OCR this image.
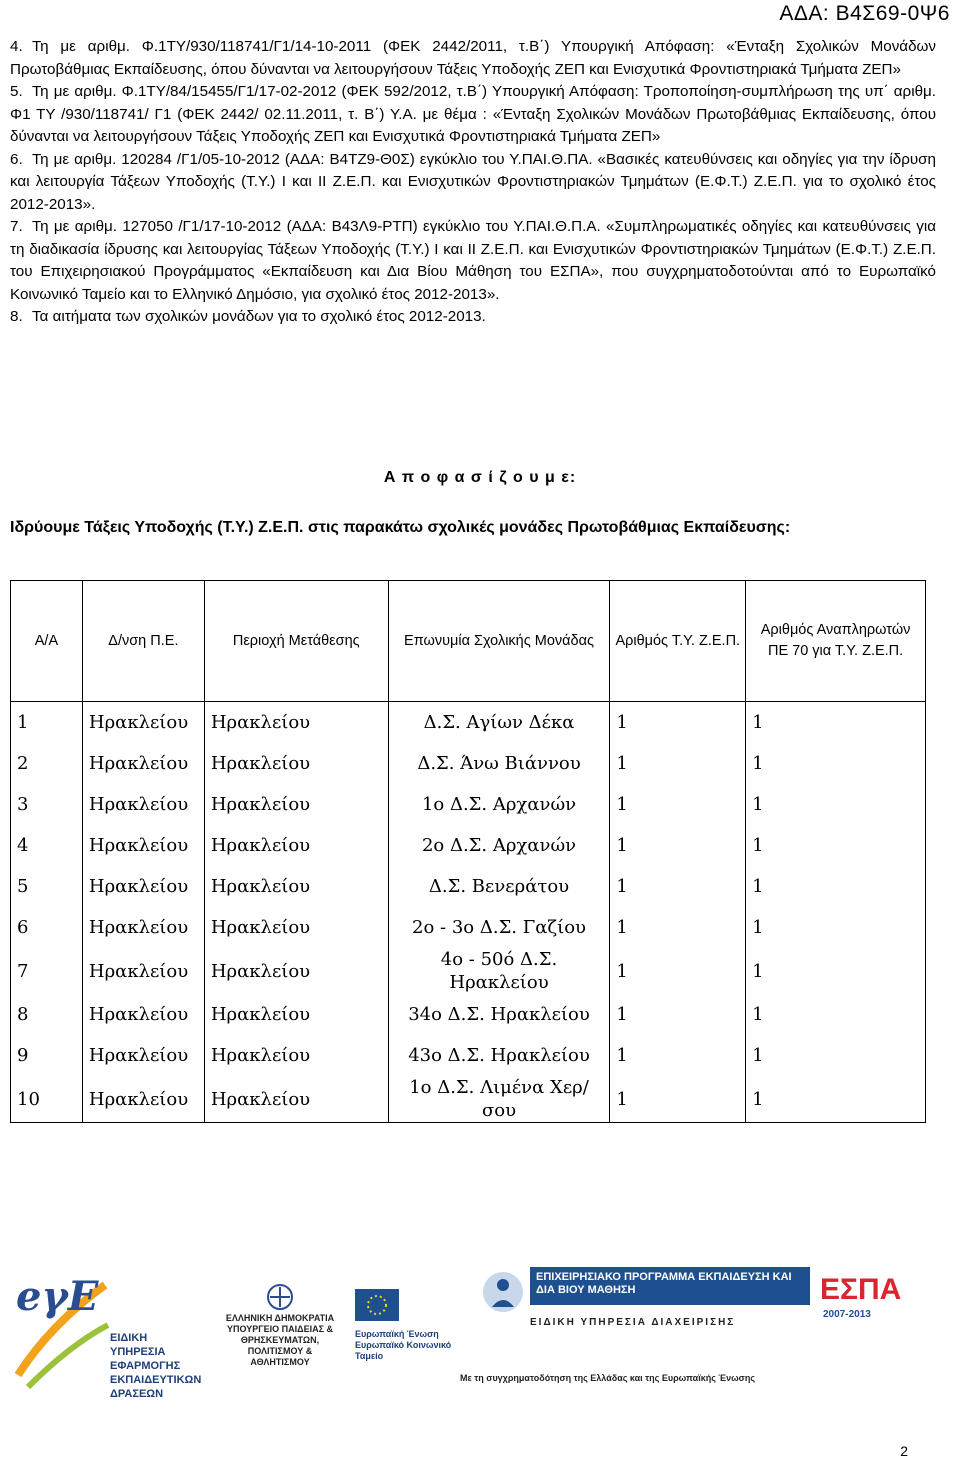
ΑΔΑ: Β4Σ69-0Ψ6

4. Τη με αριθμ. Φ.1ΤΥ/930/118741/Γ1/14-10-2011 (ΦΕΚ 2442/2011, τ.Β΄) Υπουργική Απόφαση: «Ένταξη Σχολικών Μονάδων Πρωτοβάθμιας Εκπαίδευσης, όπου δύνανται να λειτουργήσουν Τάξεις Υποδοχής ΖΕΠ και Ενισχυτικά Φροντιστηριακά Τμήματα ΖΕΠ»

5. Τη με αριθμ. Φ.1ΤΥ/84/15455/Γ1/17-02-2012 (ΦΕΚ 592/2012, τ.Β΄) Υπουργική Απόφαση: Τροποποίηση-συμπλήρωση της υπ΄ αριθμ. Φ1 ΤΥ /930/118741/ Γ1 (ΦΕΚ 2442/ 02.11.2011, τ. Β΄) Υ.Α. με θέμα : «Ένταξη Σχολικών Μονάδων Πρωτοβάθμιας Εκπαίδευσης, όπου δύνανται να λειτουργήσουν Τάξεις Υποδοχής ΖΕΠ και Ενισχυτικά Φροντιστηριακά Τμήματα ΖΕΠ»

6. Τη με αριθμ. 120284 /Γ1/05-10-2012 (ΑΔΑ: Β4ΤΖ9-Θ0Σ) εγκύκλιο του Υ.ΠΑΙ.Θ.ΠΑ. «Βασικές κατευθύνσεις και οδηγίες για την ίδρυση και λειτουργία Τάξεων Υποδοχής (Τ.Υ.) Ι και ΙΙ Ζ.Ε.Π. και Ενισχυτικών Φροντιστηριακών Τμημάτων (Ε.Φ.Τ.) Ζ.Ε.Π. για το σχολικό έτος 2012-2013».

7. Τη με αριθμ. 127050 /Γ1/17-10-2012 (ΑΔΑ: Β43Λ9-ΡΤΠ) εγκύκλιο του Υ.ΠΑΙ.Θ.Π.Α. «Συμπληρωματικές οδηγίες και κατευθύνσεις για τη διαδικασία ίδρυσης και λειτουργίας Τάξεων Υποδοχής (Τ.Υ.) Ι και ΙΙ Ζ.Ε.Π. και Ενισχυτικών Φροντιστηριακών Τμημάτων (Ε.Φ.Τ.) Ζ.Ε.Π. του Επιχειρησιακού Προγράμματος «Εκπαίδευση και Δια Βίου Μάθηση του ΕΣΠΑ», που συγχρηματοδοτούνται από το Ευρωπαϊκό Κοινωνικό Ταμείο και το Ελληνικό Δημόσιο, για σχολικό έτος 2012-2013».

8. Τα αιτήματα των σχολικών μονάδων για το σχολικό έτος 2012-2013.

Α π ο φ α σ ί ζ ο υ μ ε:
Ιδρύουμε Τάξεις Υποδοχής (Τ.Υ.) Ζ.Ε.Π. στις παρακάτω σχολικές μονάδες Πρωτοβάθμιας Εκπαίδευσης:
Α/Α	Δ/νση Π.Ε.	Περιοχή Μετάθεσης	Επωνυμία Σχολικής Μονάδας	Αριθμός Τ.Υ. Ζ.Ε.Π.	Αριθμός Αναπληρωτών ΠΕ 70 για Τ.Υ. Ζ.Ε.Π.
1	Ηρακλείου	Ηρακλείου	Δ.Σ. Αγίων Δέκα	1	1
2	Ηρακλείου	Ηρακλείου	Δ.Σ. Άνω Βιάννου	1	1
3	Ηρακλείου	Ηρακλείου	1ο Δ.Σ. Αρχανών	1	1
4	Ηρακλείου	Ηρακλείου	2ο Δ.Σ. Αρχανών	1	1
5	Ηρακλείου	Ηρακλείου	Δ.Σ. Βενεράτου	1	1
6	Ηρακλείου	Ηρακλείου	2ο - 3ο Δ.Σ. Γαζίου	1	1
7	Ηρακλείου	Ηρακλείου	4ο - 50ό Δ.Σ. Ηρακλείου	1	1
8	Ηρακλείου	Ηρακλείου	34ο Δ.Σ. Ηρακλείου	1	1
9	Ηρακλείου	Ηρακλείου	43ο Δ.Σ. Ηρακλείου	1	1
10	Ηρακλείου	Ηρακλείου	1ο Δ.Σ. Λιμένα Χερ/σου	1	1
eγE
ΕΙΔΙΚΗ ΥΠΗΡΕΣΙΑ ΕΦΑΡΜΟΓΗΣ ΕΚΠΑΙΔΕΥΤΙΚΩΝ ΔΡΑΣΕΩΝ
ΕΛΛΗΝΙΚΗ ΔΗΜΟΚΡΑΤΙΑ ΥΠΟΥΡΓΕΙΟ ΠΑΙΔΕΙΑΣ & ΘΡΗΣΚΕΥΜΑΤΩΝ, ΠΟΛΙΤΙΣΜΟΥ & ΑΘΛΗΤΙΣΜΟΥ
Ευρωπαϊκή Ένωση Ευρωπαϊκό Κοινωνικό Ταμείο
ΕΠΙΧΕΙΡΗΣΙΑΚΟ ΠΡΟΓΡΑΜΜΑ ΕΚΠΑΙΔΕΥΣΗ ΚΑΙ ΔΙΑ ΒΙΟΥ ΜΑΘΗΣΗ	ΕΣΠΑ
2007-2013
ΕΙΔΙΚΗ ΥΠΗΡΕΣΙΑ ΔΙΑΧΕΙΡΙΣΗΣ
Με τη συγχρηματοδότηση της Ελλάδας και της Ευρωπαϊκής Ένωσης
2
